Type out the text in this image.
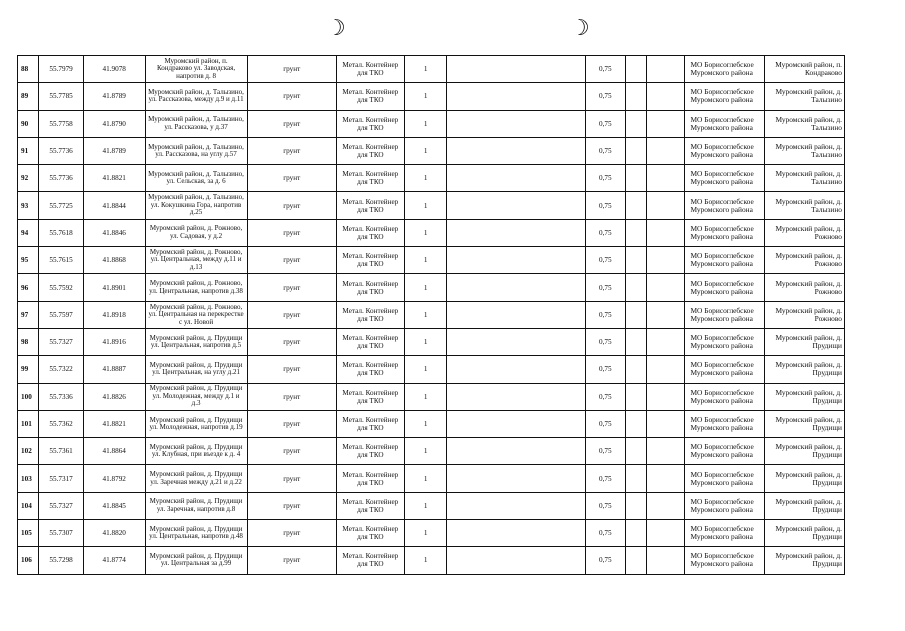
☽	☽
88	55.7979	41.9078	Муромский район, п. Кондраково ул. Заводская, напротив д. 8	грунт	Метал. Контейнер для ТКО	1		0,75			МО Борисоглебское Муромского района	Муромский район, п. Кондраково
89	55.7785	41.8789	Муромский район, д. Талызино, ул. Рассказова, между д.9 и д.11	грунт	Метал. Контейнер для ТКО	1		0,75			МО Борисоглебское Муромского района	Муромский район, д. Талызино
90	55.7758	41.8790	Муромский район, д. Талызино, ул. Рассказова, у д.37	грунт	Метал. Контейнер для ТКО	1		0,75			МО Борисоглебское Муромского района	Муромский район, д. Талызино
91	55.7736	41.8789	Муромский район, д. Талызино, ул. Рассказова, на углу д.57	грунт	Метал. Контейнер для ТКО	1		0,75			МО Борисоглебское Муромского района	Муромский район, д. Талызино
92	55.7736	41.8821	Муромский район, д. Талызино, ул. Сельская, за д. 6	грунт	Метал. Контейнер для ТКО	1		0,75			МО Борисоглебское Муромского района	Муромский район, д. Талызино
93	55.7725	41.8844	Муромский район, д. Талызино, ул. Кокушкина Гора, напротив д.25	грунт	Метал. Контейнер для ТКО	1		0,75			МО Борисоглебское Муромского района	Муромский район, д. Талызино
94	55.7618	41.8846	Муромский район, д. Рожново, ул. Садовая, у д.2	грунт	Метал. Контейнер для ТКО	1		0,75			МО Борисоглебское Муромского района	Муромский район, д. Рожново
95	55.7615	41.8868	Муромский район, д. Рожново, ул. Центральная, между д.11 и д.13	грунт	Метал. Контейнер для ТКО	1		0,75			МО Борисоглебское Муромского района	Муромский район, д. Рожново
96	55.7592	41.8901	Муромский район, д. Рожново, ул. Центральная, напротив д.38	грунт	Метал. Контейнер для ТКО	1		0,75			МО Борисоглебское Муромского района	Муромский район, д. Рожново
97	55.7597	41.8918	Муромский район, д. Рожново, ул. Центральная на перекрестке с ул. Новой	грунт	Метал. Контейнер для ТКО	1		0,75			МО Борисоглебское Муромского района	Муромский район, д. Рожново
98	55.7327	41.8916	Муромский район, д. Прудищи ул. Центральная, напротив д.5	грунт	Метал. Контейнер для ТКО	1		0,75			МО Борисоглебское Муромского района	Муромский район, д. Прудищи
99	55.7322	41.8887	Муромский район, д. Прудищи ул. Центральная, на углу д.21	грунт	Метал. Контейнер для ТКО	1		0,75			МО Борисоглебское Муромского района	Муромский район, д. Прудищи
100	55.7336	41.8826	Муромский район, д. Прудищи ул. Молодежная, между д.1 и д.3	грунт	Метал. Контейнер для ТКО	1		0,75			МО Борисоглебское Муромского района	Муромский район, д. Прудищи
101	55.7362	41.8821	Муромский район, д. Прудищи ул. Молодежная, напротив д.19	грунт	Метал. Контейнер для ТКО	1		0,75			МО Борисоглебское Муромского района	Муромский район, д. Прудищи
102	55.7361	41.8864	Муромский район, д. Прудищи ул. Клубная, при въезде к д. 4	грунт	Метал. Контейнер для ТКО	1		0,75			МО Борисоглебское Муромского района	Муромский район, д. Прудищи
103	55.7317	41.8792	Муромский район, д. Прудищи ул. Заречная между д.21 и д.22	грунт	Метал. Контейнер для ТКО	1		0,75			МО Борисоглебское Муромского района	Муромский район, д. Прудищи
104	55.7327	41.8845	Муромский район, д. Прудищи ул. Заречная, напротив д.8	грунт	Метал. Контейнер для ТКО	1		0,75			МО Борисоглебское Муромского района	Муромский район, д. Прудищи
105	55.7307	41.8820	Муромский район, д. Прудищи ул. Центральная, напротив д.48	грунт	Метал. Контейнер для ТКО	1		0,75			МО Борисоглебское Муромского района	Муромский район, д. Прудищи
106	55.7298	41.8774	Муромский район, д. Прудищи ул. Центральная за д.99	грунт	Метал. Контейнер для ТКО	1		0,75			МО Борисоглебское Муромского района	Муромский район, д. Прудищи
